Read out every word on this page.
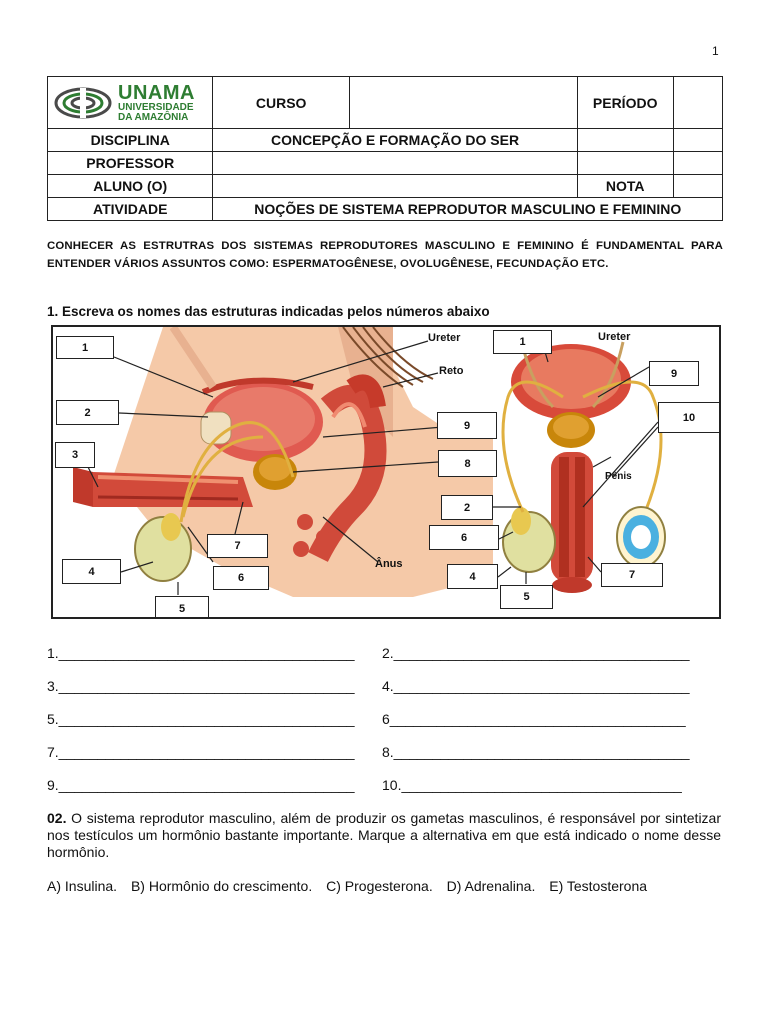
1
UNAMA
UNIVERSIDADE
DA AMAZÔNIA	CURSO		PERÍODO	
DISCIPLINA	CONCEPÇÃO E FORMAÇÃO DO SER			
PROFESSOR				
ALUNO (O)			NOTA	
ATIVIDADE	NOÇÕES DE SISTEMA REPRODUTOR MASCULINO E FEMININO			
CONHECER AS ESTRUTRAS DOS SISTEMAS REPRODUTORES MASCULINO E FEMININO É FUNDAMENTAL PARA ENTENDER VÁRIOS ASSUNTOS COMO: ESPERMATOGÊNESE, OVOLUGÊNESE, FECUNDAÇÃO ETC.
1. Escreva os nomes das estruturas indicadas pelos números abaixo
Ureter
Reto
Ânus
Ureter
Pênis
1
2
3
4
5
6
7
8
9
1
9
10
2
6
4
5
7
1.______________________________________ 2.______________________________________
3.______________________________________ 4.______________________________________
5.______________________________________ 6______________________________________
7.______________________________________ 8.______________________________________
9.______________________________________ 10.____________________________________
02. O sistema reprodutor masculino, além de produzir os gametas masculinos, é responsável por sintetizar nos testículos um hormônio bastante importante. Marque a alternativa em que está indicado o nome desse hormônio.
A) Insulina. B) Hormônio do crescimento. C) Progesterona. D) Adrenalina. E) Testosterona
